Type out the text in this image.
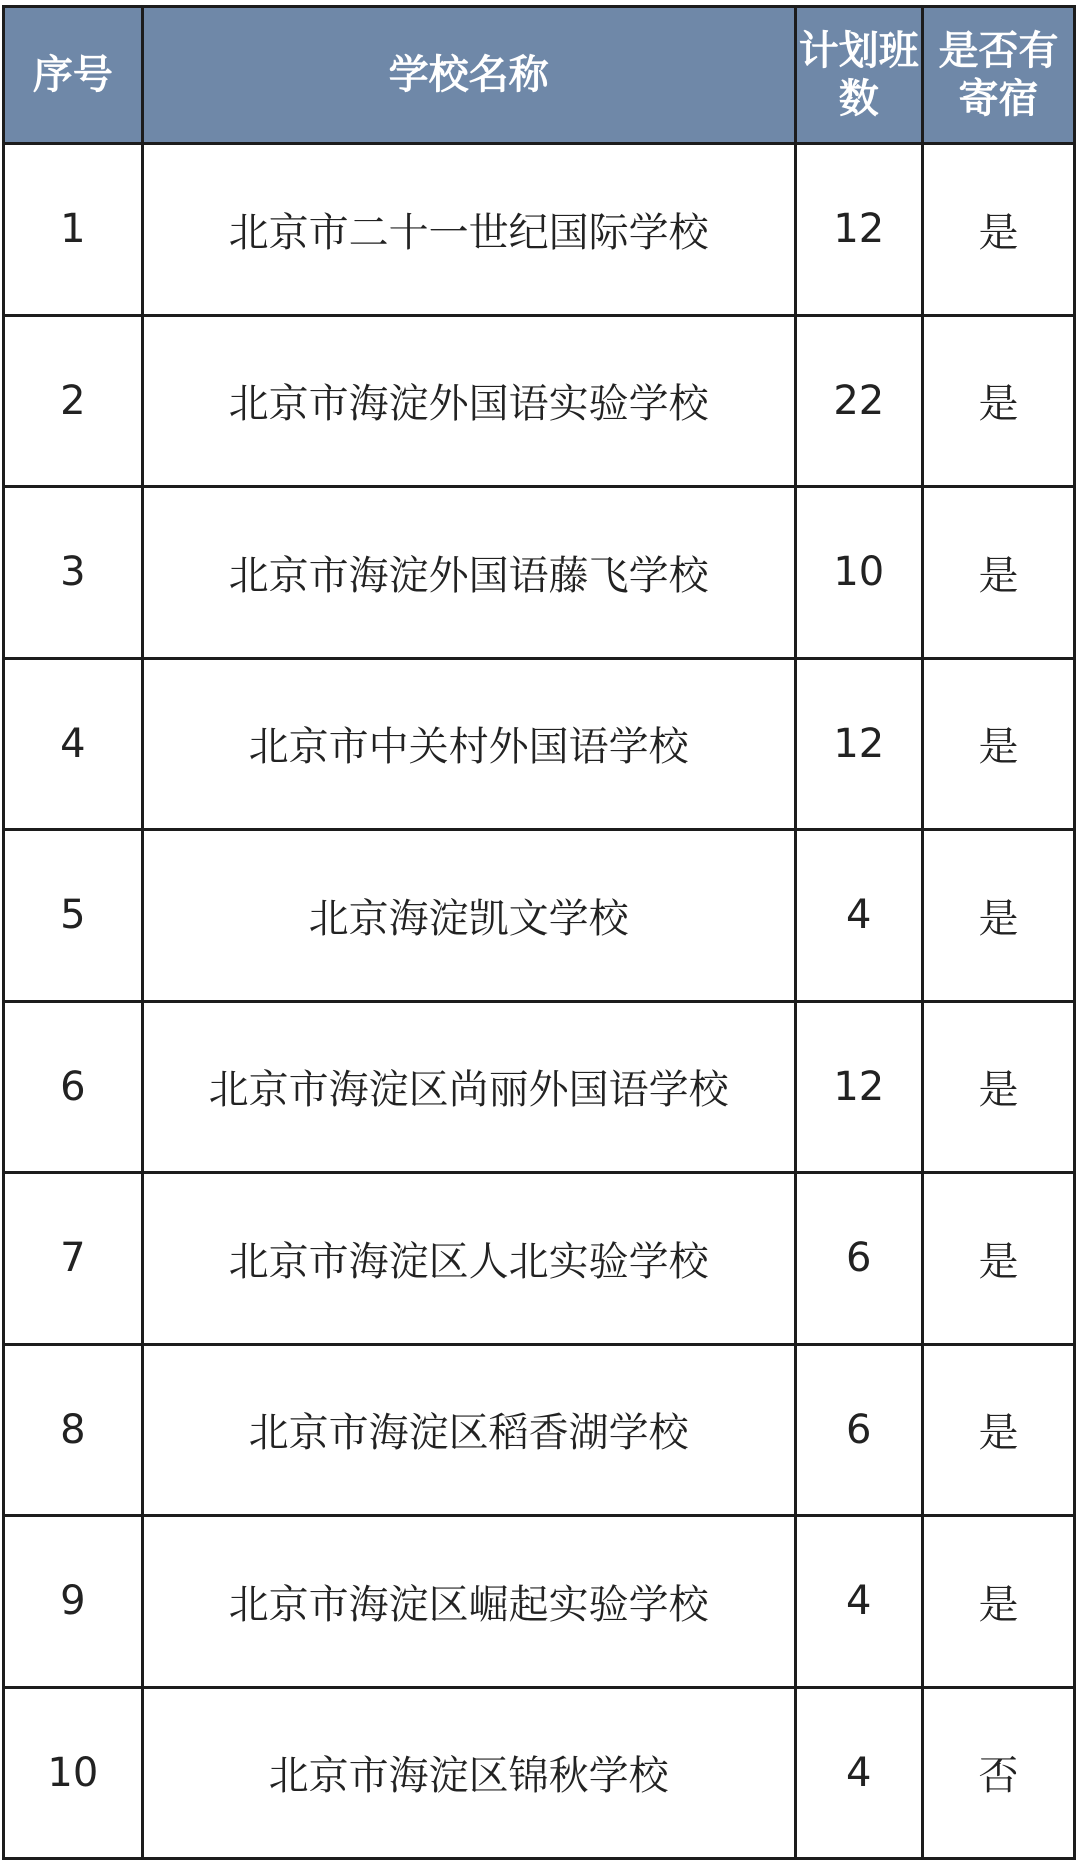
序号	学校名称	计划班数	是否有寄宿

1	北京市二十一世纪国际学校	12	是
2	北京市海淀外国语实验学校	22	是
3	北京市海淀外国语藤飞学校	10	是
4	北京市中关村外国语学校	12	是
5	北京海淀凯文学校	4	是
6	北京市海淀区尚丽外国语学校	12	是
7	北京市海淀区人北实验学校	6	是
8	北京市海淀区稻香湖学校	6	是
9	北京市海淀区崛起实验学校	4	是
10	北京市海淀区锦秋学校	4	否
